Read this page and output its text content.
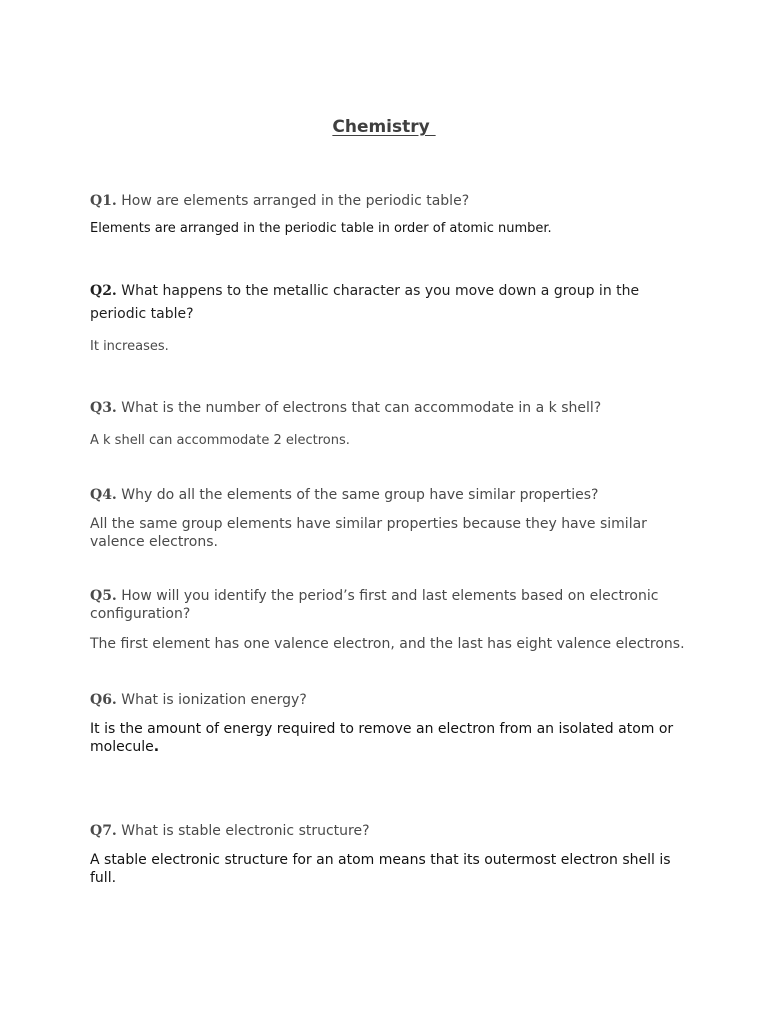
Chemistry

Q1. How are elements arranged in the periodic table?

Elements are arranged in the periodic table in order of atomic number.

Q2. What happens to the metallic character as you move down a group in the periodic table?

It increases.

Q3. What is the number of electrons that can accommodate in a k shell?

A k shell can accommodate 2 electrons.

Q4. Why do all the elements of the same group have similar properties?

All the same group elements have similar properties because they have similar valence electrons.

Q5. How will you identify the period’s first and last elements based on electronic configuration?

The first element has one valence electron, and the last has eight valence electrons.

Q6. What is ionization energy?

It is the amount of energy required to remove an electron from an isolated atom or molecule.

Q7. What is stable electronic structure?

A stable electronic structure for an atom means that its outermost electron shell is full.
